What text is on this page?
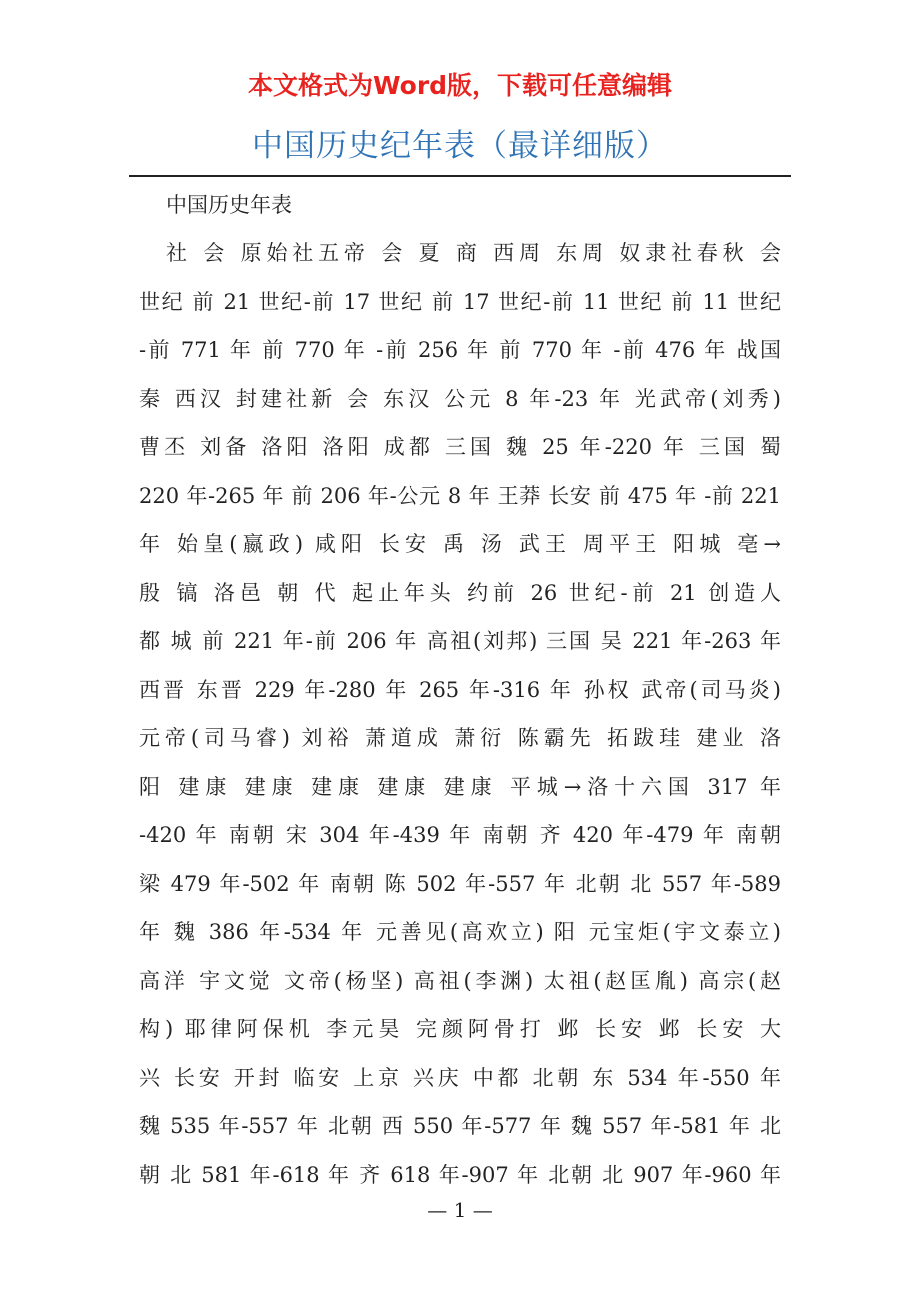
本文格式为Word版，下载可任意编辑
中国历史纪年表（最详细版）
中国历史年表
社 会 原始社五帝 会 夏 商 西周 东周 奴隶社春秋 会
世纪 前 21 世纪-前 17 世纪 前 17 世纪-前 11 世纪 前 11 世纪
-前 771 年 前 770 年 -前 256 年 前 770 年 -前 476 年 战国
秦 西汉 封建社新 会 东汉 公元 8 年-23 年 光武帝(刘秀)
曹丕 刘备 洛阳 洛阳 成都 三国 魏 25 年-220 年 三国 蜀
220 年-265 年 前 206 年-公元 8 年 王莽 长安 前 475 年 -前 221
年 始皇(嬴政) 咸阳 长安 禹 汤 武王 周平王 阳城 亳→
殷 镐 洛邑 朝 代 起止年头 约前 26 世纪-前 21 创造人
都 城 前 221 年-前 206 年 高祖(刘邦) 三国 吴 221 年-263 年
西晋 东晋 229 年-280 年 265 年-316 年 孙权 武帝(司马炎)
元帝(司马睿) 刘裕 萧道成 萧衍 陈霸先 拓跋珪 建业 洛
阳 建康 建康 建康 建康 建康 平城→洛十六国 317 年
-420 年 南朝 宋 304 年-439 年 南朝 齐 420 年-479 年 南朝
梁 479 年-502 年 南朝 陈 502 年-557 年 北朝 北 557 年-589
年 魏 386 年-534 年 元善见(高欢立) 阳 元宝炬(宇文泰立)
高洋 宇文觉 文帝(杨坚) 高祖(李渊) 太祖(赵匡胤) 高宗(赵
构) 耶律阿保机 李元昊 完颜阿骨打 邺 长安 邺 长安 大
兴 长安 开封 临安 上京 兴庆 中都 北朝 东 534 年-550 年
魏 535 年-557 年 北朝 西 550 年-577 年 魏 557 年-581 年 北
朝 北 581 年-618 年 齐 618 年-907 年 北朝 北 907 年-960 年
— 1 —
